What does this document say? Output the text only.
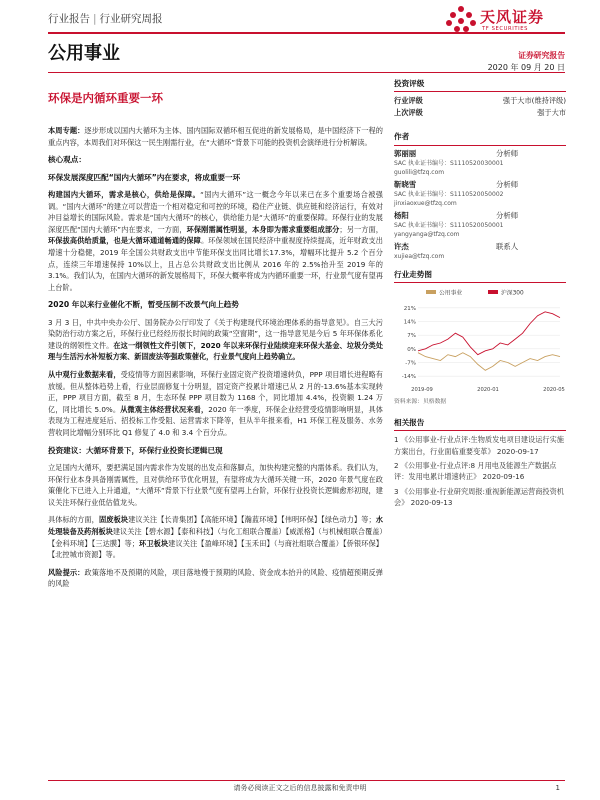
行业报告 | 行业研究周报	天风证券
TF SECURITIES
公用事业	证券研究报告
2020 年 09 月 20 日
环保是内循环重要一环

本周专题：逐步形成以国内大循环为主体、国内国际双循环相互促进的新发展格局，是中国经济下一程的重点内容，本周我们对环保这一民生刚需行业，在“大循环”背景下可能的投资机会演绎进行分析解读。

核心观点：

环保发展深度匹配“国内大循环”内在要求，将成重要一环

构建国内大循环，需求是核心，供给是保障。“国内大循环”这一概念今年以来已在多个重要场合被强调。“国内大循环”的建立可以营造一个相对稳定和可控的环境，稳住产业链、供应链和经济运行，有效对冲目益增长的国际风险。需求是“国内大循环”的核心，供给能力是“大循环”的重要保障。环保行业的发展深度匹配“国内大循环”内在要求，一方面，环保刚需属性明显，本身即为需求重要组成部分；另一方面，环保拔高供给质量，也是大循环通道畅通的保障。环保领域在国民经济中重视度持续提高，近年财政支出增速十分稳健，2019 年全国公共财政支出中节能环保支出同比增长17.3%，增幅环比提升 5.2 个百分点，连续三年增速保持 10%以上，且占总公共财政支出比例从 2016 年的 2.5%抬升至 2019 年的 3.1%。我们认为，在国内大循环的新发展格局下，环保大概率将成为内循环重要一环，行业景气度有望再上台阶。

2020 年以来行业催化不断，暂受压制不改景气向上趋势

3 月 3 日，中共中央办公厅、国务院办公厅印发了《关于构建现代环境治理体系的指导意见》。自三大污染防治行动方案之后，环保行业已经经历很长时间的政策“空窗期”，这一指导意见是今后 5 年环保体系化建设的纲领性文件。在这一纲领性文件引领下，2020 年以来环保行业陆续迎来环保大基金、垃圾分类处理与生活污水补短板方案、新固废法等强政策催化，行业景气度向上趋势确立。

从中观行业数据来看，受疫情等方面因素影响，环保行业固定资产投资增速转负，PPP 项目增长进程略有放缓。但从整体趋势上看，行业层面修复十分明显，固定资产投累计增速已从 2 月的-13.6%基本实现转正，PPP 项目方面，截至 8 月，生态环保 PPP 项目数为 1168 个，同比增加 4.4%，投资额 1.24 万亿，同比增长 5.0%。从微观主体经营状况来看，2020 年一季度，环保企业经营受疫情影响明显，具体表现为工程进度延后、招投标工作受阻、运营需求下降等，但从半年报来看，H1 环保工程及服务、水务营收同比增幅分别环比 Q1 修复了 4.0 和 3.4 个百分点。

投资建议：大循环背景下，环保行业投资长逻辑已现

立足国内大循环，要把满足国内需求作为发展的出发点和落脚点，加快构建完整的内需体系。我们认为，环保行业本身具备刚需属性，且对供给环节优化明显，有望将成为大循环关键一环，2020 年景气度在政策催化下已进入上升通道，“大循环”背景下行业景气度有望再上台阶，环保行业投资长逻辑愈形初现，建议关注环保行业低估值龙头。

具体标的方面，固废板块建议关注【长青集团】【高能环境】【瀚蓝环境】【伟明环保】【绿色动力】等；水处理装备及药剂板块建议关注【碧水源】【泰和科技】（与化工组联合覆盖）【威派格】（与机械组联合覆盖）【金科环境】【三达膜】等；环卫板块建议关注【盈峰环境】【玉禾田】（与商社组联合覆盖）【侨银环保】【北控城市资源】等。

风险提示：政策落地不及预期的风险，项目落地慢于预期的风险、资金成本抬升的风险、疫情超预期反弹的风险

投资评级
行业评级	强于大市(维持评级)
上次评级	强于大市
作者
郭丽丽	分析师
SAC 执业证书编号：S1110520030001
guolili@tfzq.com
靳晓雪	分析师
SAC 执业证书编号：S1110520050002
jinxiaoxue@tfzq.com
杨阳	分析师
SAC 执业证书编号：S1110520050001
yangyanga@tfzq.com
许杰	联系人
xujiea@tfzq.com
行业走势图
21%
14%
7%
0%
-7%
-14%
2019-09	2020-01	2020-05
公用事业	沪深300
资料来源：贝格数据
相关报告
1 《公用事业-行业点评:生物质发电项目建设运行实施方案出台，行业面临重要变革》 2020-09-17
2 《公用事业-行业点评:8 月用电及能源生产数据点评：发用电累计增速转正》 2020-09-16
3 《公用事业-行业研究周报:重视新能源运营商投资机会》 2020-09-13
请务必阅读正文之后的信息披露和免责申明	1
